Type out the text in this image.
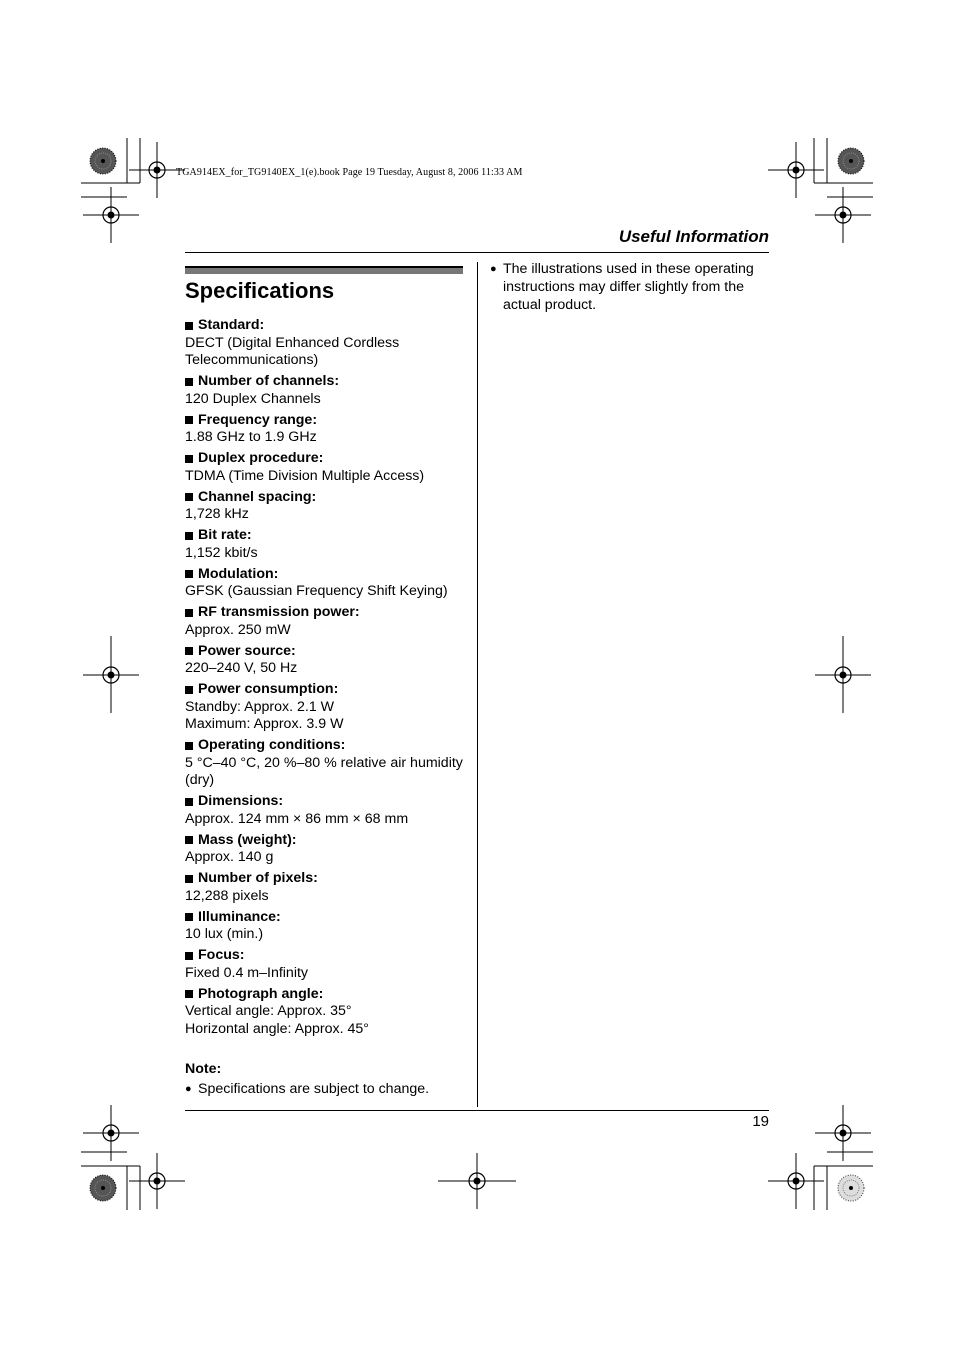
TGA914EX_for_TG9140EX_1(e).book Page 19 Tuesday, August 8, 2006 11:33 AM
Useful Information
Specifications
Standard:
DECT (Digital Enhanced Cordless Telecommunications)
Number of channels:
120 Duplex Channels
Frequency range:
1.88 GHz to 1.9 GHz
Duplex procedure:
TDMA (Time Division Multiple Access)
Channel spacing:
1,728 kHz
Bit rate:
1,152 kbit/s
Modulation:
GFSK (Gaussian Frequency Shift Keying)
RF transmission power:
Approx. 250 mW
Power source:
220–240 V, 50 Hz
Power consumption:
Standby: Approx. 2.1 W
Maximum: Approx. 3.9 W
Operating conditions:
5 °C–40 °C, 20 %–80 % relative air humidity (dry)
Dimensions:
Approx. 124 mm × 86 mm × 68 mm
Mass (weight):
Approx. 140 g
Number of pixels:
12,288 pixels
Illuminance:
10 lux (min.)
Focus:
Fixed 0.4 m–Infinity
Photograph angle:
Vertical angle: Approx. 35°
Horizontal angle: Approx. 45°
Note:
● Specifications are subject to change.
● The illustrations used in these operating instructions may differ slightly from the actual product.
19
